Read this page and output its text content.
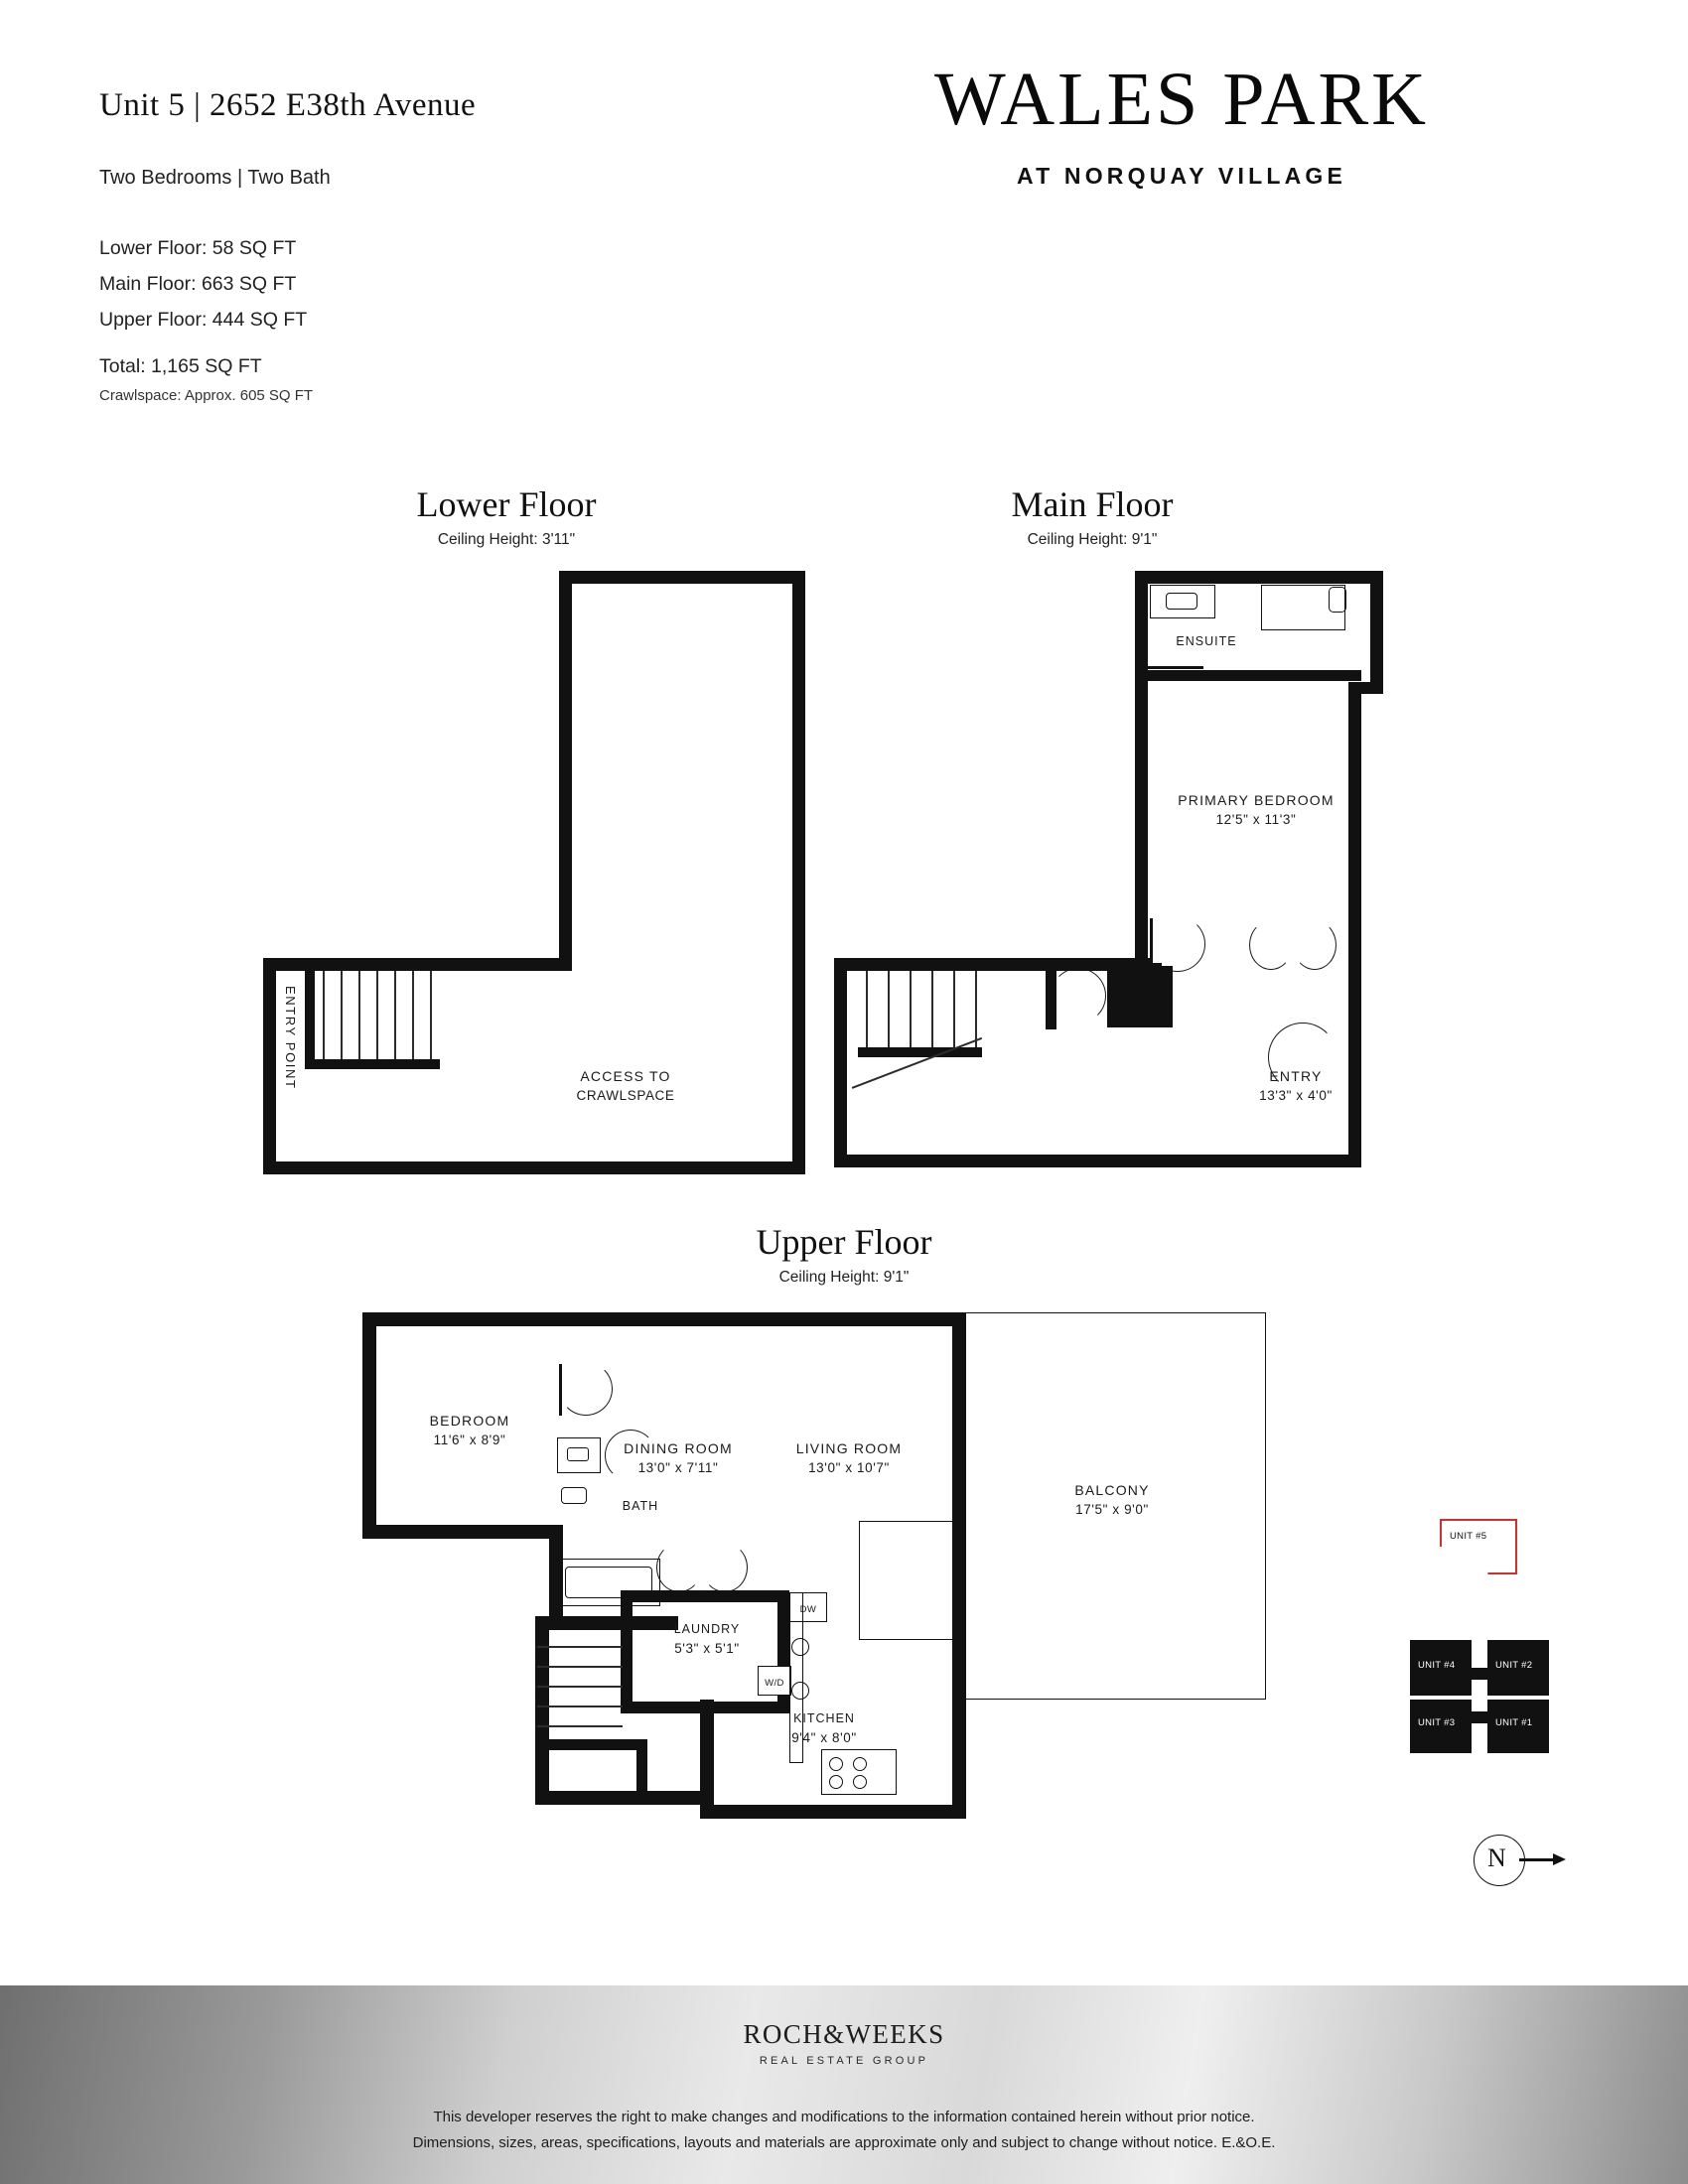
Unit 5 | 2652 E38th Avenue
Two Bedrooms | Two Bath
Lower Floor: 58 SQ FT
Main Floor: 663 SQ FT
Upper Floor: 444 SQ FT
Total: 1,165 SQ FT
Crawlspace: Approx. 605 SQ FT
WALES PARK
AT NORQUAY VILLAGE
Lower Floor
Ceiling Height: 3'11"
ENTRY POINT	ACCESS TO
CRAWLSPACE
Main Floor
Ceiling Height: 9'1"
ENSUITE
PRIMARY BEDROOM
12'5" x 11'3"
ENTRY
13'3" x 4'0"
Upper Floor
Ceiling Height: 9'1"
BALCONY
17'5" x 9'0"
BEDROOM
11'6" x 8'9"
BATH
DINING ROOM
13'0" x 7'11"
LIVING ROOM
13'0" x 10'7"
LAUNDRY
5'3" x 5'1"
W/D
DW
KITCHEN
9'4" x 8'0"
UNIT #5
UNIT #4
UNIT #3
UNIT #2
UNIT #1
N
ROCH&WEEKS
REAL ESTATE GROUP
This developer reserves the right to make changes and modifications to the information contained herein without prior notice.
Dimensions, sizes, areas, specifications, layouts and materials are approximate only and subject to change without notice. E.&O.E.
